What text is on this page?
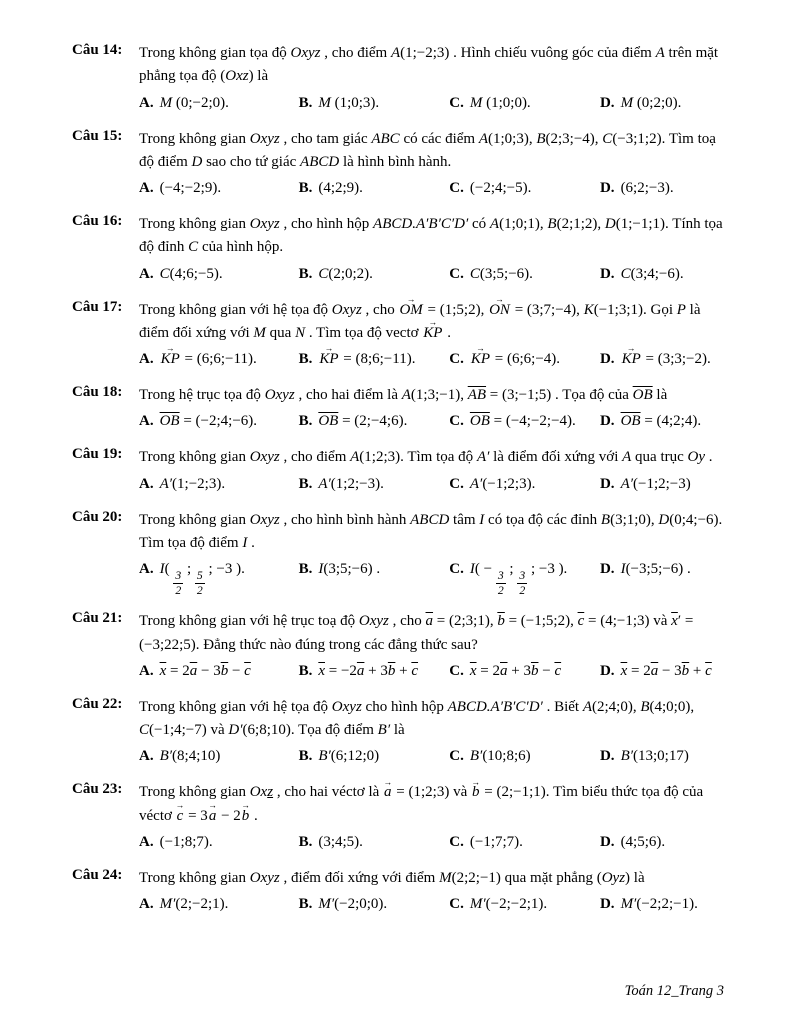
Câu 14:	Trong không gian tọa độ Oxyz , cho điểm A(1;−2;3) . Hình chiếu vuông góc của điểm A trên mặt phẳng tọa độ (Oxz) là
A. M (0;−2;0).	B. M (1;0;3).	C. M (1;0;0).	D. M (0;2;0).
Câu 15:	Trong không gian Oxyz , cho tam giác ABC có các điểm A(1;0;3), B(2;3;−4), C(−3;1;2). Tìm toạ độ điểm D sao cho tứ giác ABCD là hình bình hành.
A. (−4;−2;9).	B. (4;2;9).	C. (−2;4;−5).	D. (6;2;−3).
Câu 16:	Trong không gian Oxyz , cho hình hộp ABCD.A′B′C′D′ có A(1;0;1), B(2;1;2), D(1;−1;1). Tính tọa độ đỉnh C của hình hộp.
A. C(4;6;−5).	B. C(2;0;2).	C. C(3;5;−6).	D. C(3;4;−6).
Câu 17:	Trong không gian với hệ tọa độ Oxyz , cho → OM = (1;5;2), → ON = (3;7;−4), K(−1;3;1). Gọi P là điểm đối xứng với M qua N . Tìm tọa độ vectơ → KP .
A. → KP = (6;6;−11).	B. → KP = (8;6;−11).	C. → KP = (6;6;−4).	D. → KP = (3;3;−2).
Câu 18:	Trong hệ trục tọa độ Oxyz , cho hai điểm là A(1;3;−1), $\overline{AB}$ = (3;−1;5) . Tọa độ của $\overline{OB}$ là
A. $\overline{OB}$ = (−2;4;−6).	B. $\overline{OB}$ = (2;−4;6).	C. $\overline{OB}$ = (−4;−2;−4).	D. $\overline{OB}$ = (4;2;4).
Câu 19:	Trong không gian Oxyz , cho điểm A(1;2;3). Tìm tọa độ A′ là điểm đối xứng với A qua trục Oy .
A. A′(1;−2;3).	B. A′(1;2;−3).	C. A′(−1;2;3).	D. A′(−1;2;−3)
Câu 20:	Trong không gian Oxyz , cho hình bình hành ABCD tâm I có tọa độ các đỉnh B(3;1;0), D(0;4;−6). Tìm tọa độ điểm I .
A. I(
$\frac{3}{2}$
;
$\frac{5}{2}$
; −3 ).	B. I(3;5;−6) .	C. I( −
$\frac{3}{2}$
;
$\frac{3}{2}$
; −3 ).	D. I(−3;5;−6) .
Câu 21:	Trong không gian với hệ trục toạ độ Oxyz , cho $\overline{a}$ = (2;3;1), $\overline{b}$ = (−1;5;2), $\overline{c}$ = (4;−1;3) và $\overline{x}'$ = (−3;22;5). Đẳng thức nào đúng trong các đẳng thức sau?
A. $\overline{x} = 2\overline{a} - 3\overline{b} - \overline{c}$	B. $\overline{x} = -2\overline{a} + 3\overline{b} + \overline{c}$	C. $\overline{x} = 2\overline{a} + 3\overline{b} - \overline{c}$	D. $\overline{x} = 2\overline{a} - 3\overline{b} + \overline{c}$
Câu 22:	Trong không gian với hệ tọa độ Oxyz cho hình hộp ABCD.A′B′C′D′ . Biết A(2;4;0), B(4;0;0), C(−1;4;−7) và D′(6;8;10). Tọa độ điểm B′ là
A. B′(8;4;10)	B. B′(6;12;0)	C. B′(10;8;6)	D. B′(13;0;17)
Câu 23:	Trong không gian Oxz , cho hai véctơ là → a = (1;2;3) và → b = (2;−1;1). Tìm biểu thức tọa độ của véctơ → c = 3→ a − 2→ b .
A. (−1;8;7).	B. (3;4;5).	C. (−1;7;7).	D. (4;5;6).
Câu 24:	Trong không gian Oxyz , điểm đối xứng với điểm M(2;2;−1) qua mặt phẳng (Oyz) là
A. M′(2;−2;1).	B. M′(−2;0;0).	C. M′(−2;−2;1).	D. M′(−2;2;−1).
Toán 12_Trang 3
